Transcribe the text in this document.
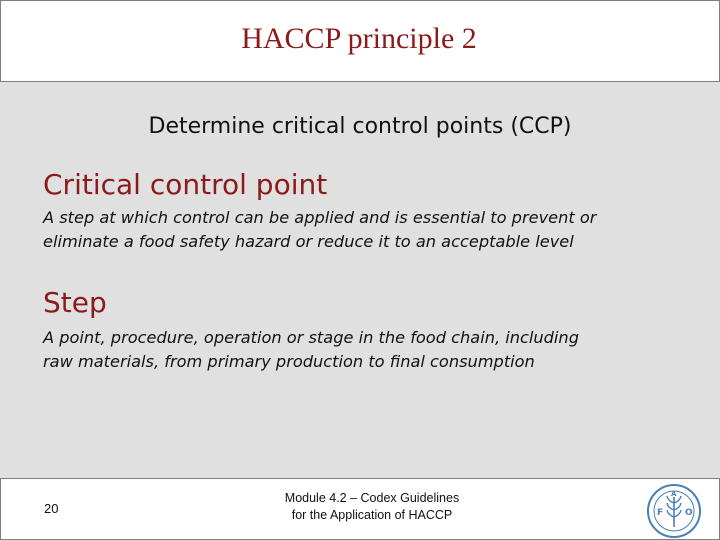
HACCP principle 2
Determine critical control points (CCP)
Critical control point
A step at which control can be applied and is essential to prevent or
eliminate a food safety hazard or reduce it to an acceptable level
Step
A point, procedure, operation or stage in the food chain, including
raw materials, from primary production to final consumption
20
Module 4.2 – Codex Guidelines
for the Application of HACCP	F
A
O
